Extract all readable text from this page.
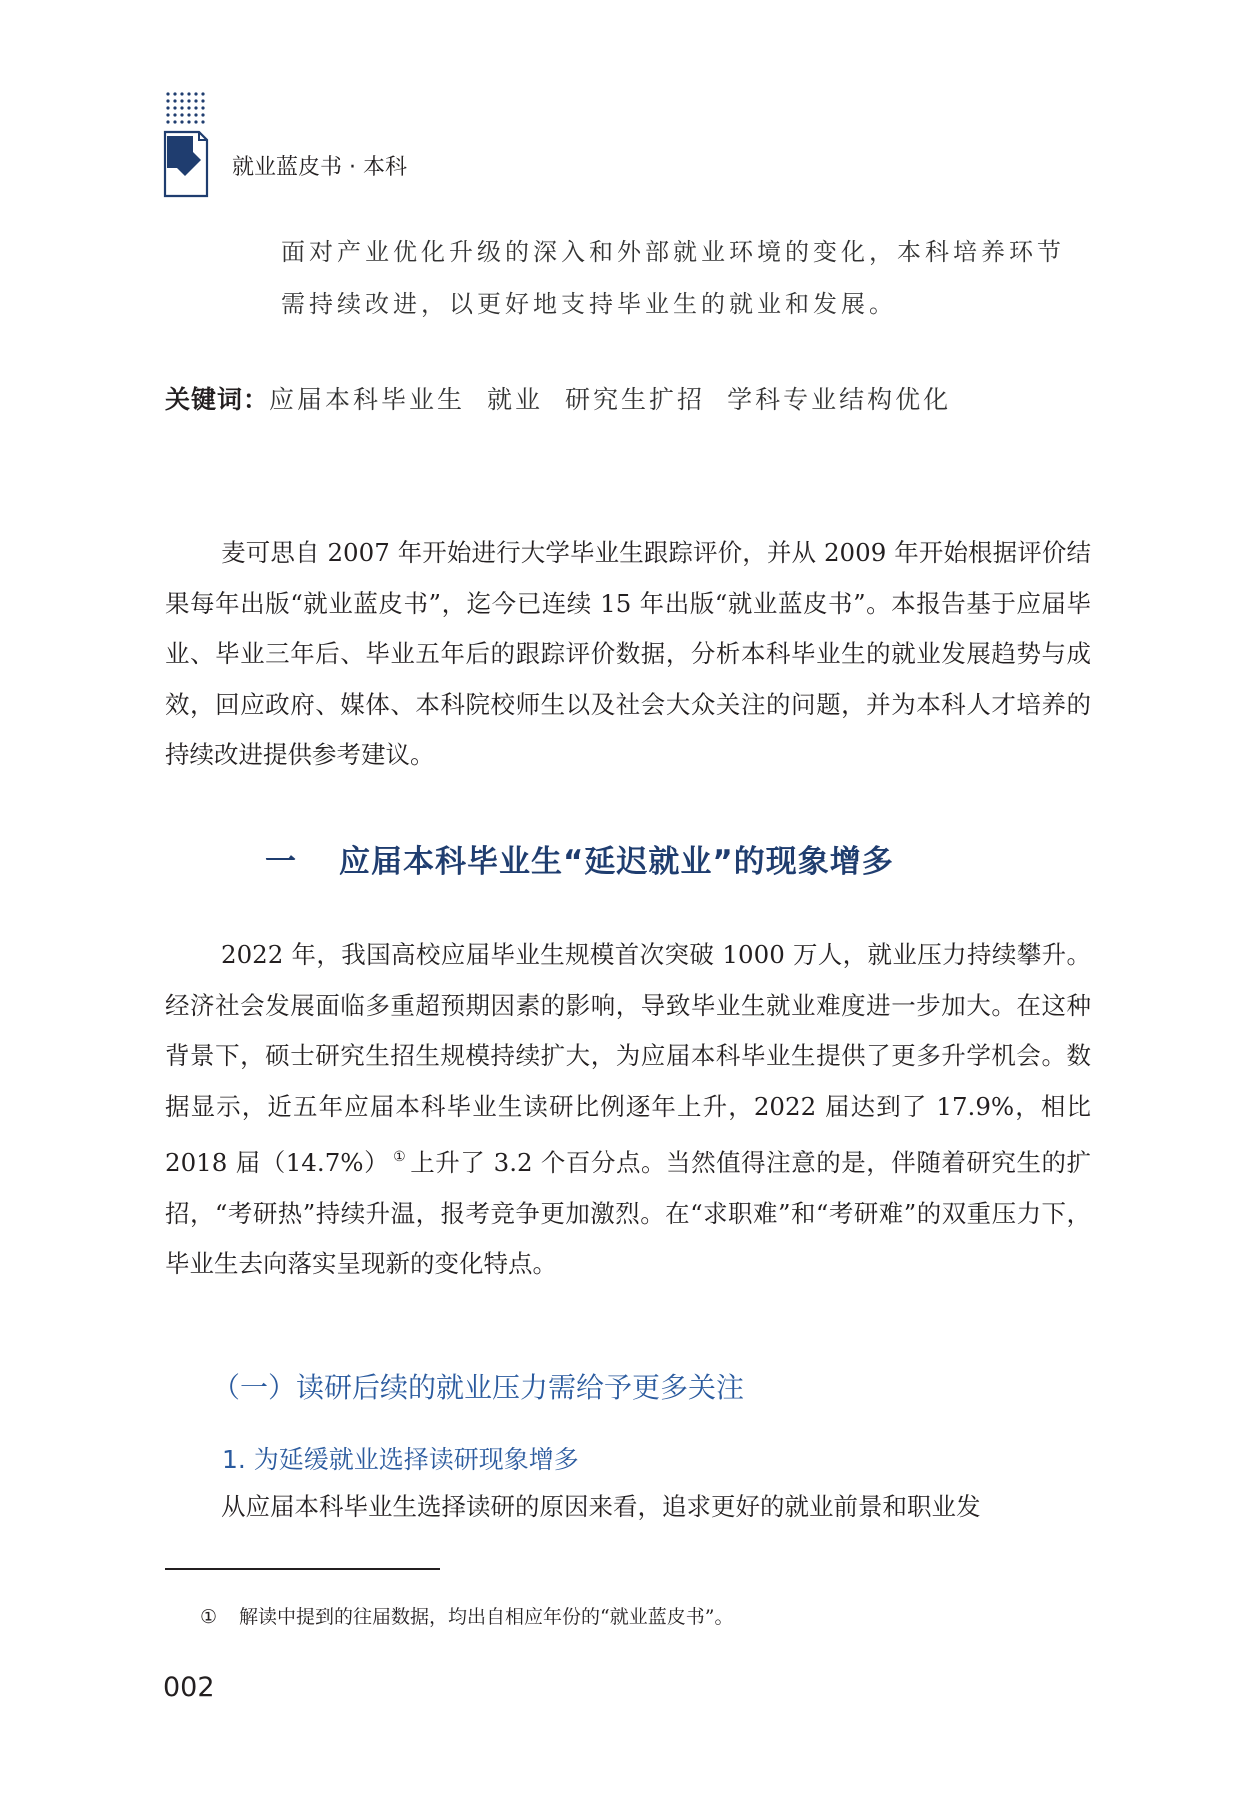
就业蓝皮书 · 本科
面对产业优化升级的深入和外部就业环境的变化，本科培养环节
需持续改进，以更好地支持毕业生的就业和发展。
关键词：应届本科毕业生 就业 研究生扩招 学科专业结构优化
麦可思自 2007 年开始进行大学毕业生跟踪评价，并从 2009 年开始根据评价结果每年出版“就业蓝皮书”，迄今已连续 15 年出版“就业蓝皮书”。本报告基于应届毕业、毕业三年后、毕业五年后的跟踪评价数据，分析本科毕业生的就业发展趋势与成效，回应政府、媒体、本科院校师生以及社会大众关注的问题，并为本科人才培养的持续改进提供参考建议。
一 应届本科毕业生“延迟就业”的现象增多
2022 年，我国高校应届毕业生规模首次突破 1000 万人，就业压力持续攀升。经济社会发展面临多重超预期因素的影响，导致毕业生就业难度进一步加大。在这种背景下，硕士研究生招生规模持续扩大，为应届本科毕业生提供了更多升学机会。数据显示，近五年应届本科毕业生读研比例逐年上升，2022 届达到了 17.9%，相比 2018 届（14.7%） ① 上升了 3.2 个百分点。当然值得注意的是，伴随着研究生的扩招，“考研热”持续升温，报考竞争更加激烈。在“求职难”和“考研难”的双重压力下，毕业生去向落实呈现新的变化特点。
（一）读研后续的就业压力需给予更多关注
1. 为延缓就业选择读研现象增多
从应届本科毕业生选择读研的原因来看，追求更好的就业前景和职业发
① 解读中提到的往届数据，均出自相应年份的“就业蓝皮书”。
002
